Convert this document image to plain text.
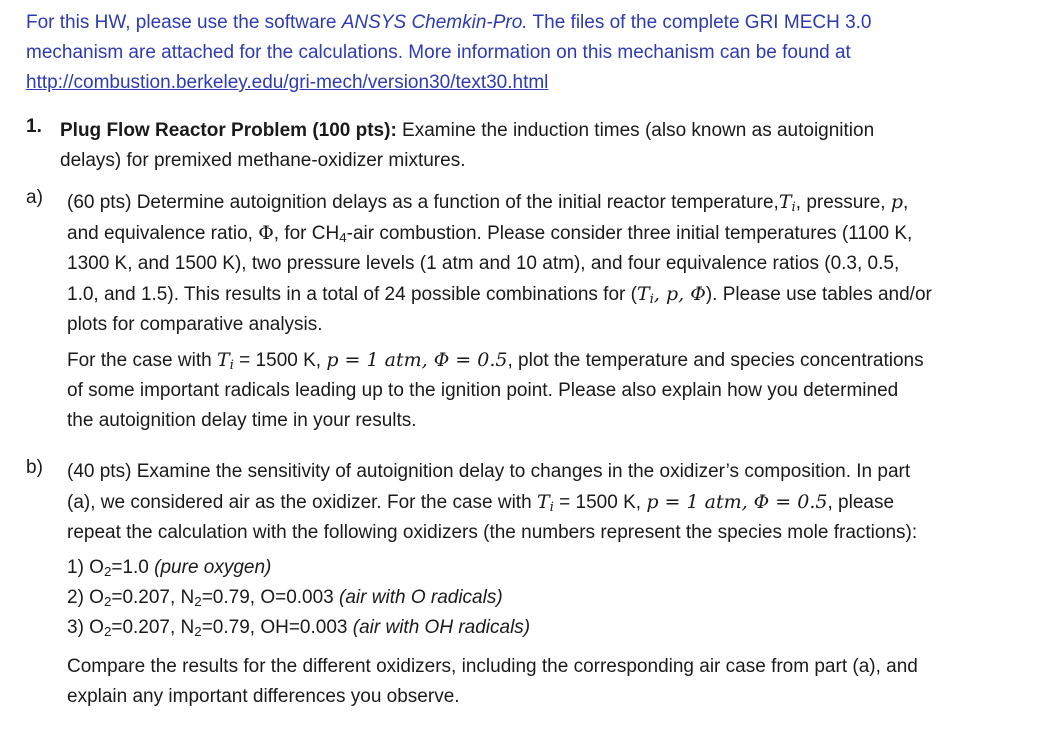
For this HW, please use the software ANSYS Chemkin-Pro. The files of the complete GRI MECH 3.0
mechanism are attached for the calculations. More information on this mechanism can be found at
http://combustion.berkeley.edu/gri-mech/version30/text30.html
1. Plug Flow Reactor Problem (100 pts): Examine the induction times (also known as autoignition
delays) for premixed methane-oxidizer mixtures.
a) (60 pts) Determine autoignition delays as a function of the initial reactor $temperature,T_i$, pressure, p,
and equivalence ratio, Φ, for $CH_4$-air combustion. Please consider three initial temperatures (1100 K,
1300 K, and 1500 K), two pressure levels (1 atm and 10 atm), and four equivalence ratios (0.3, 0.5,
1.0, and 1.5). This results in a total of 24 possible combinations for ($T_i$, p, Φ). Please use tables and/or
plots for comparative analysis.
For the case with $T_i = 1500$ K, p = 1 atm, Φ = 0.5, plot the temperature and species concentrations
of some important radicals leading up to the ignition point. Please also explain how you determined
the autoignition delay time in your results.
b) (40 pts) Examine the sensitivity of autoignition delay to changes in the oxidizer’s composition. In part
(a), we considered air as the oxidizer. For the case with $T_i = 1500$ K, p = 1 atm, Φ = 0.5, please
repeat the calculation with the following oxidizers (the numbers represent the species mole fractions):
1) $O_2=1.0$ (pure oxygen)
2) $O_2=0.207$, $N_2=0.79$, O=0.003 (air with O radicals)
3) $O_2=0.207$, $N_2=0.79$, OH=0.003 (air with OH radicals)
Compare the results for the different oxidizers, including the corresponding air case from part (a), and
explain any important differences you observe.
